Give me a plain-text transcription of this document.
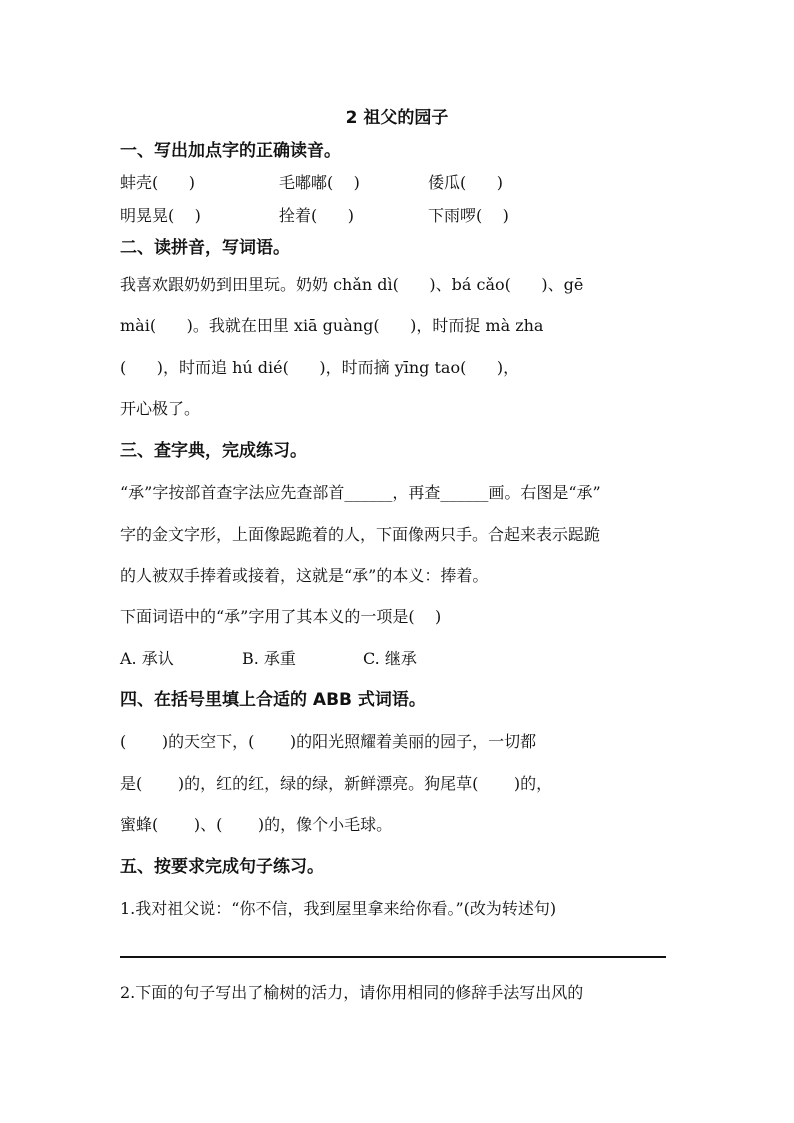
2 祖父的园子
一、写出加点字的正确读音。
蚌壳(      )	毛嘟嘟(    )	倭瓜(      )
明晃晃(    )	拴着(      )	下雨啰(    )
二、读拼音，写词语。
我喜欢跟奶奶到田里玩。奶奶 chǎn dì(      )、bá cǎo(      )、gē
mài(      )。我就在田里 xiā guàng(      )，时而捉 mà zha
(      )，时而追 hú dié(      )，时而摘 yīng tao(      )，
开心极了。
三、查字典，完成练习。
“承”字按部首查字法应先查部首______，再查______画。右图是“承”
字的金文字形，上面像跽跪着的人，下面像两只手。合起来表示跽跪
的人被双手捧着或接着，这就是“承”的本义：捧着。
下面词语中的“承”字用了其本义的一项是(    )
A. 承认	B. 承重	C. 继承
四、在括号里填上合适的 ABB 式词语。
(       )的天空下，(       )的阳光照耀着美丽的园子，一切都
是(       )的，红的红，绿的绿，新鲜漂亮。狗尾草(       )的，
蜜蜂(       )、(       )的，像个小毛球。
五、按要求完成句子练习。
1.我对祖父说：“你不信，我到屋里拿来给你看。”(改为转述句)
2.下面的句子写出了榆树的活力，请你用相同的修辞手法写出风的
